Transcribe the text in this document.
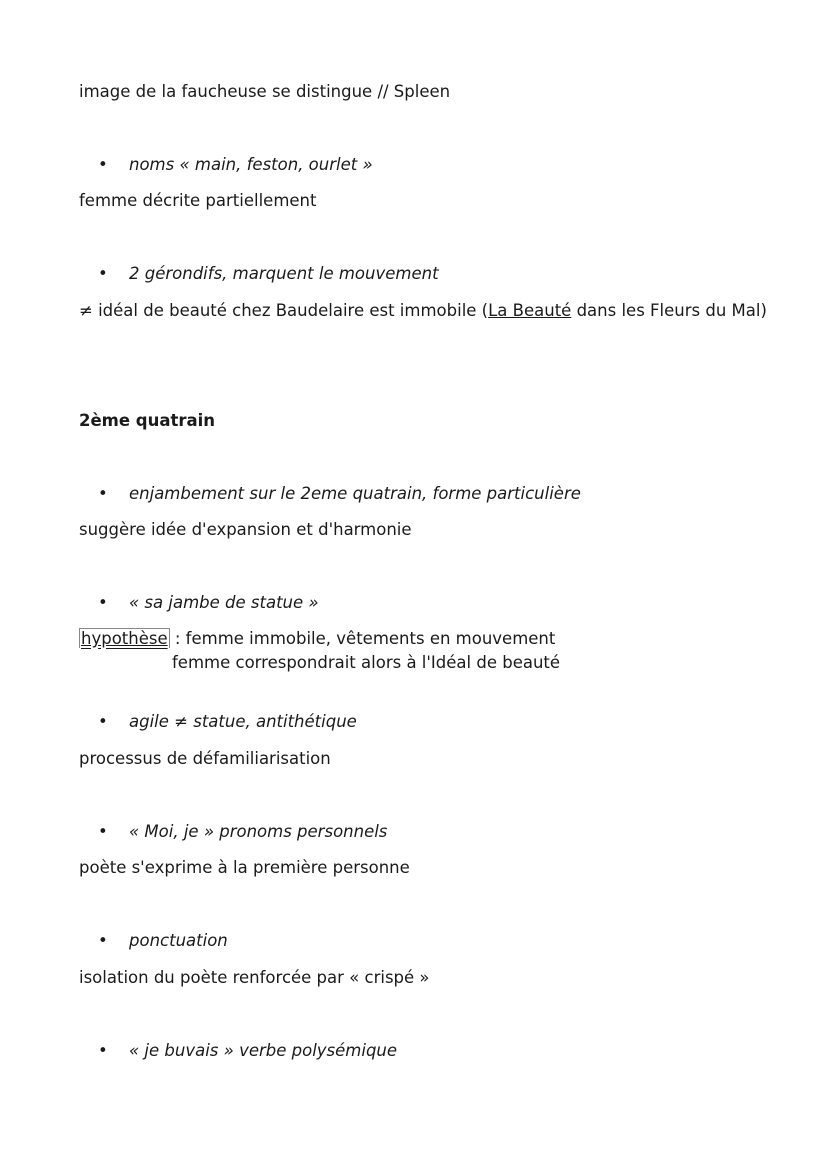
image de la faucheuse se distingue // Spleen
• noms « main, feston, ourlet »
femme décrite partiellement
• 2 gérondifs, marquent le mouvement
≠ idéal de beauté chez Baudelaire est immobile (La Beauté dans les Fleurs du Mal)
2ème quatrain
• enjambement sur le 2eme quatrain, forme particulière
suggère idée d'expansion et d'harmonie
• « sa jambe de statue »
hypothèse : femme immobile, vêtements en mouvement
femme correspondrait alors à l'Idéal de beauté
• agile ≠ statue, antithétique
processus de défamiliarisation
• « Moi, je » pronoms personnels
poète s'exprime à la première personne
• ponctuation
isolation du poète renforcée par « crispé »
• « je buvais » verbe polysémique
